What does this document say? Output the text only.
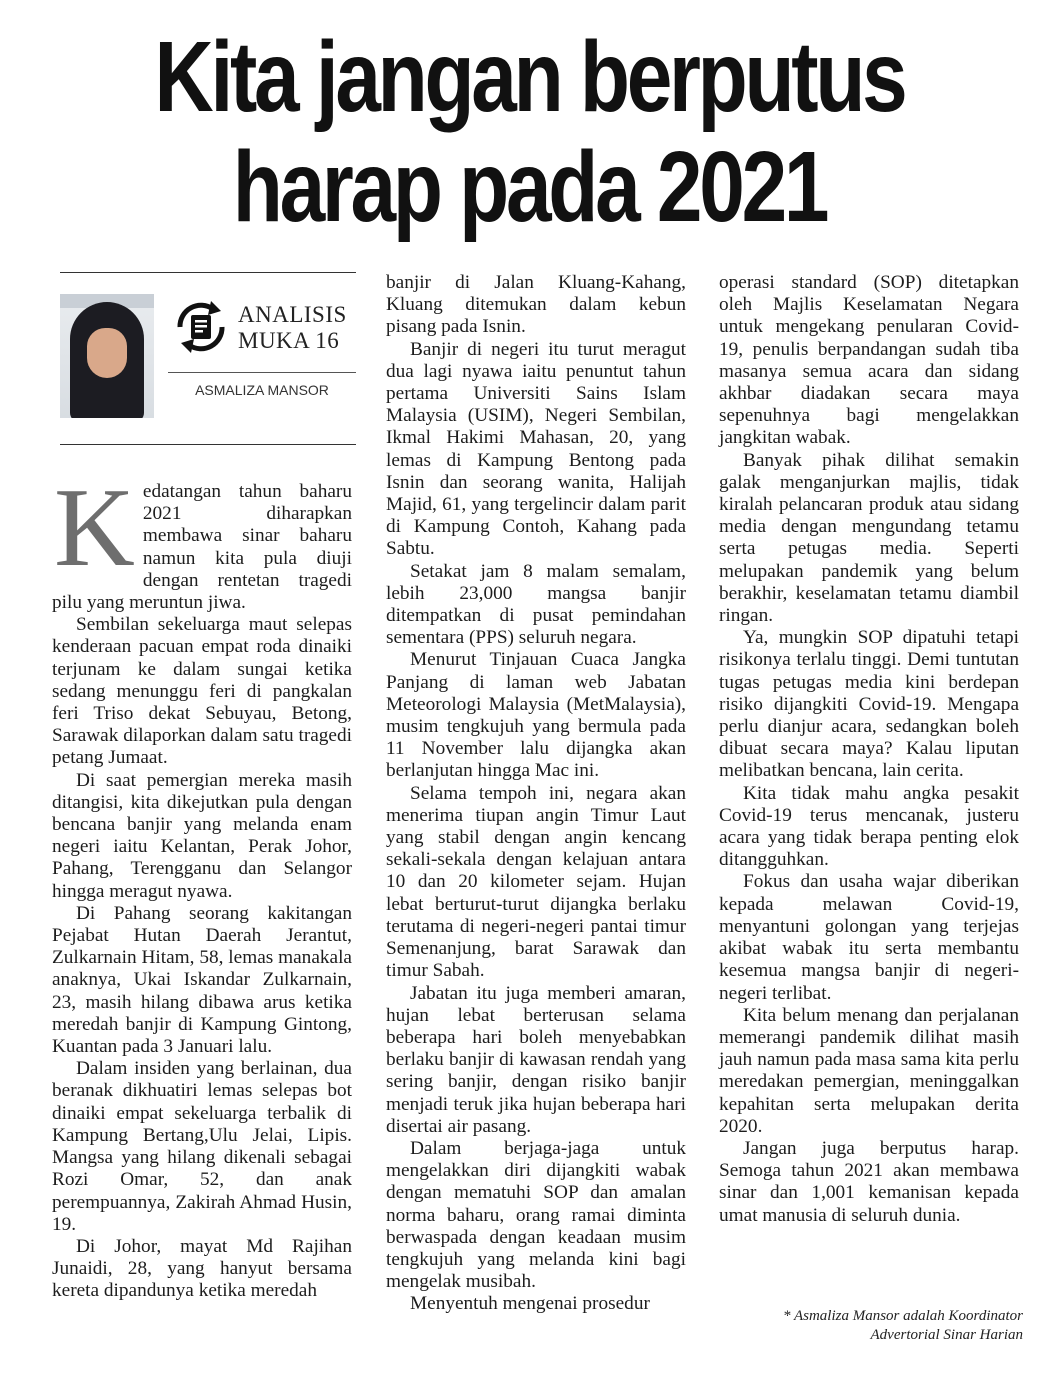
Kita jangan berputus
harap pada 2021
ANALISIS
MUKA 16
ASMALIZA MANSOR
K edatangan tahun baharu 2021 diharapkan membawa sinar baharu namun kita pula diuji dengan rentetan tragedi pilu yang meruntun jiwa.

Sembilan sekeluarga maut selepas kenderaan pacuan empat roda dinaiki terjunam ke dalam sungai ketika sedang menunggu feri di pangkalan feri Triso dekat Sebuyau, Betong, Sarawak dilaporkan dalam satu tragedi petang Jumaat.

Di saat pemergian mereka masih ditangisi, kita dikejutkan pula dengan bencana banjir yang melanda enam negeri iaitu Kelantan, Perak Johor, Pahang, Terengganu dan Selangor hingga meragut nyawa.

Di Pahang seorang kakitangan Pejabat Hutan Daerah Jerantut, Zulkarnain Hitam, 58, lemas manakala anaknya, Ukai Iskandar Zulkarnain, 23, masih hilang dibawa arus ketika meredah banjir di Kampung Gintong, Kuantan pada 3 Januari lalu.

Dalam insiden yang berlainan, dua beranak dikhuatiri lemas selepas bot dinaiki empat sekeluarga terbalik di Kampung Bertang,Ulu Jelai, Lipis. Mangsa yang hilang dikenali sebagai Rozi Omar, 52, dan anak perempuannya, Zakirah Ahmad Husin, 19.

Di Johor, mayat Md Rajihan Junaidi, 28, yang hanyut bersama kereta dipandunya ketika meredah

banjir di Jalan Kluang-Kahang, Kluang ditemukan dalam kebun pisang pada Isnin.

Banjir di negeri itu turut meragut dua lagi nyawa iaitu penuntut tahun pertama Universiti Sains Islam Malaysia (USIM), Negeri Sembilan, Ikmal Hakimi Mahasan, 20, yang lemas di Kampung Bentong pada Isnin dan seorang wanita, Halijah Majid, 61, yang tergelincir dalam parit di Kampung Contoh, Kahang pada Sabtu.

Setakat jam 8 malam semalam, lebih 23,000 mangsa banjir ditempatkan di pusat pemindahan sementara (PPS) seluruh negara.

Menurut Tinjauan Cuaca Jangka Panjang di laman web Jabatan Meteorologi Malaysia (MetMalaysia), musim tengkujuh yang bermula pada 11 November lalu dijangka akan berlanjutan hingga Mac ini.

Selama tempoh ini, negara akan menerima tiupan angin Timur Laut yang stabil dengan angin kencang sekali-sekala dengan kelajuan antara 10 dan 20 kilometer sejam. Hujan lebat berturut-turut dijangka berlaku terutama di negeri-negeri pantai timur Semenanjung, barat Sarawak dan timur Sabah.

Jabatan itu juga memberi amaran, hujan lebat berterusan selama beberapa hari boleh menyebabkan berlaku banjir di kawasan rendah yang sering banjir, dengan risiko banjir menjadi teruk jika hujan beberapa hari disertai air pasang.

Dalam berjaga-jaga untuk mengelakkan diri dijangkiti wabak dengan mematuhi SOP dan amalan norma baharu, orang ramai diminta berwaspada dengan keadaan musim tengkujuh yang melanda kini bagi mengelak musibah.

Menyentuh mengenai prosedur

operasi standard (SOP) ditetapkan oleh Majlis Keselamatan Negara untuk mengekang penularan Covid-19, penulis berpandangan sudah tiba masanya semua acara dan sidang akhbar diadakan secara maya sepenuhnya bagi mengelakkan jangkitan wabak.

Banyak pihak dilihat semakin galak menganjurkan majlis, tidak kiralah pelancaran produk atau sidang media dengan mengundang tetamu serta petugas media. Seperti melupakan pandemik yang belum berakhir, keselamatan tetamu diambil ringan.

Ya, mungkin SOP dipatuhi tetapi risikonya terlalu tinggi. Demi tuntutan tugas petugas media kini berdepan risiko dijangkiti Covid-19. Mengapa perlu dianjur acara, sedangkan boleh dibuat secara maya? Kalau liputan melibatkan bencana, lain cerita.

Kita tidak mahu angka pesakit Covid-19 terus mencanak, justeru acara yang tidak berapa penting elok ditangguhkan.

Fokus dan usaha wajar diberikan kepada melawan Covid-19, menyantuni golongan yang terjejas akibat wabak itu serta membantu kesemua mangsa banjir di negeri-negeri terlibat.

Kita belum menang dan perjalanan memerangi pandemik dilihat masih jauh namun pada masa sama kita perlu meredakan pemergian, meninggalkan kepahitan serta melupakan derita 2020.

Jangan juga berputus harap. Semoga tahun 2021 akan membawa sinar dan 1,001 kemanisan kepada umat manusia di seluruh dunia.

* Asmaliza Mansor adalah Koordinator
Advertorial Sinar Harian
